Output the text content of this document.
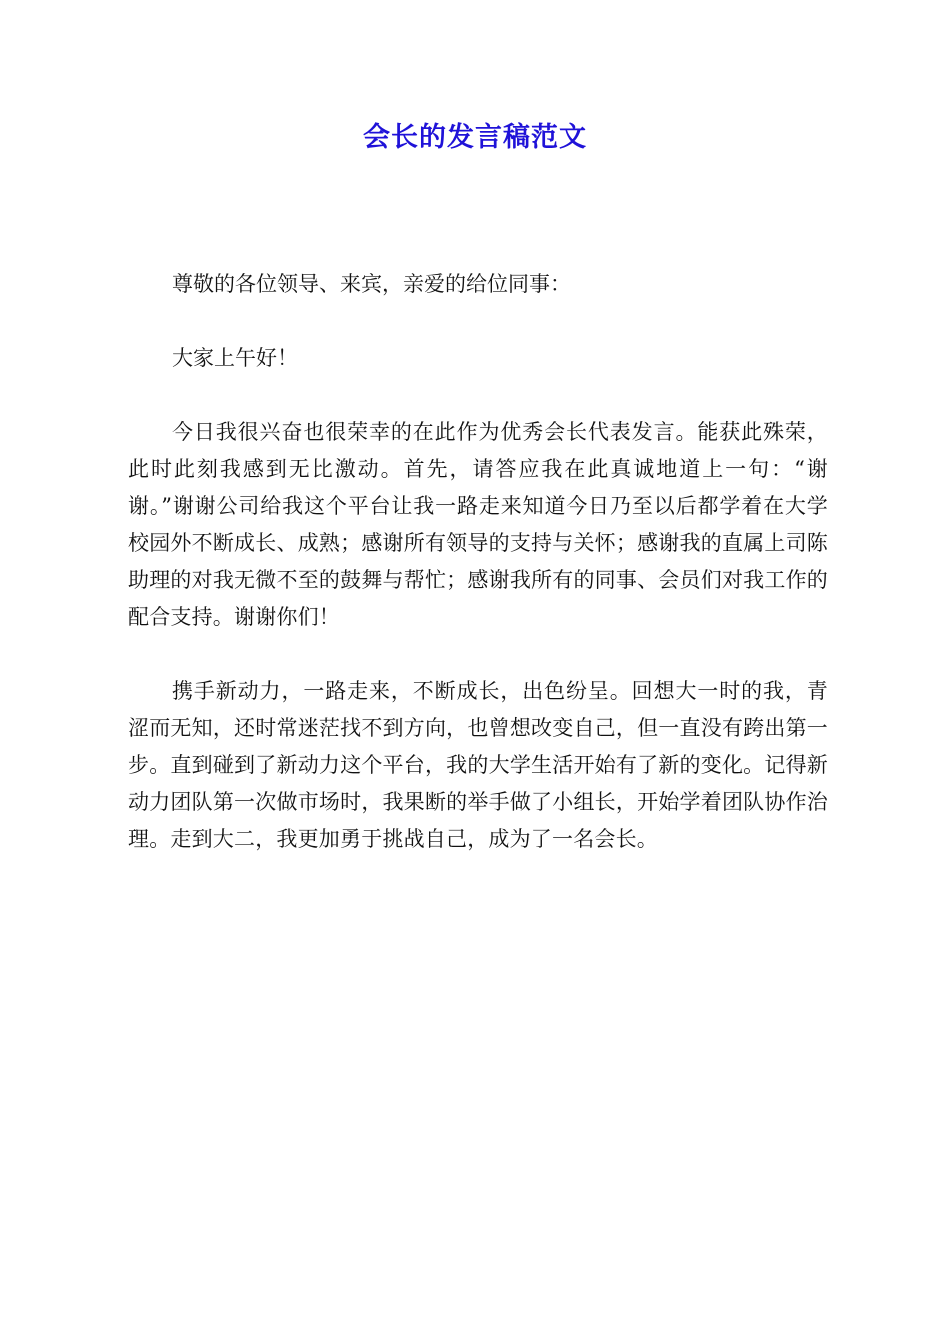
会长的发言稿范文

尊敬的各位领导、来宾，亲爱的给位同事：

大家上午好！

今日我很兴奋也很荣幸的在此作为优秀会长代表发言。能获此殊荣，此时此刻我感到无比激动。首先，请答应我在此真诚地道上一句：“谢谢。”谢谢公司给我这个平台让我一路走来知道今日乃至以后都学着在大学校园外不断成长、成熟；感谢所有领导的支持与关怀；感谢我的直属上司陈助理的对我无微不至的鼓舞与帮忙；感谢我所有的同事、会员们对我工作的配合支持。谢谢你们！

携手新动力，一路走来，不断成长，出色纷呈。回想大一时的我，青涩而无知，还时常迷茫找不到方向，也曾想改变自己，但一直没有跨出第一步。直到碰到了新动力这个平台，我的大学生活开始有了新的变化。记得新动力团队第一次做市场时，我果断的举手做了小组长，开始学着团队协作治理。走到大二，我更加勇于挑战自己，成为了一名会长。
